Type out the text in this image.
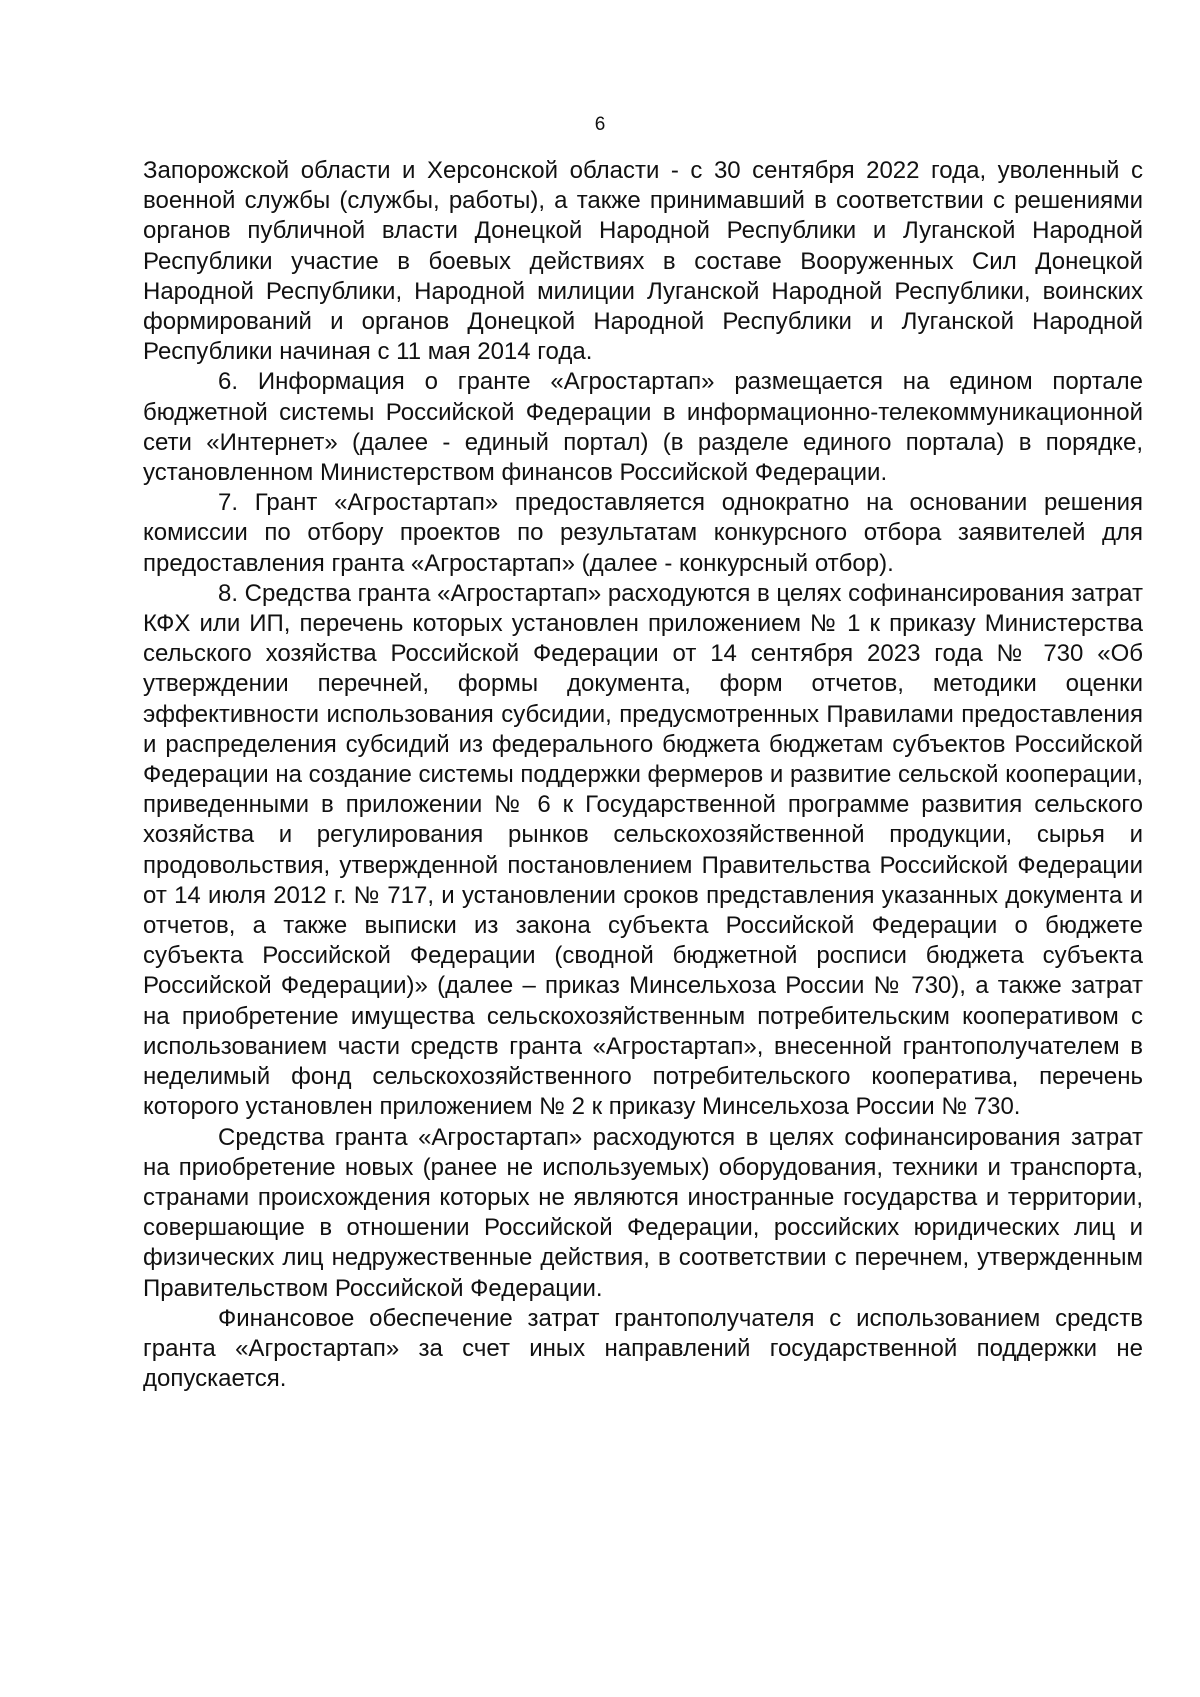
6

Запорожской области и Херсонской области - с 30 сентября 2022 года, уволенный с военной службы (службы, работы), а также принимавший в соответствии с решениями органов публичной власти Донецкой Народной Республики и Луганской Народной Республики участие в боевых действиях в составе Вооруженных Сил Донецкой Народной Республики, Народной милиции Луганской Народной Республики, воинских формирований и органов Донецкой Народной Республики и Луганской Народной Республики начиная с 11 мая 2014 года.

6. Информация о гранте «Агростартап» размещается на едином портале бюджетной системы Российской Федерации в информационно-телекоммуникационной сети «Интернет» (далее - единый портал) (в разделе единого портала) в порядке, установленном Министерством финансов Российской Федерации.

7. Грант «Агростартап» предоставляется однократно на основании решения комиссии по отбору проектов по результатам конкурсного отбора заявителей для предоставления гранта «Агростартап» (далее - конкурсный отбор).

8. Средства гранта «Агростартап» расходуются в целях софинансирования затрат КФХ или ИП, перечень которых установлен приложением № 1 к приказу Министерства сельского хозяйства Российской Федерации от 14 сентября 2023 года № 730 «Об утверждении перечней, формы документа, форм отчетов, методики оценки эффективности использования субсидии, предусмотренных Правилами предоставления и распределения субсидий из федерального бюджета бюджетам субъектов Российской Федерации на создание системы поддержки фермеров и развитие сельской кооперации, приведенными в приложении № 6 к Государственной программе развития сельского хозяйства и регулирования рынков сельскохозяйственной продукции, сырья и продовольствия, утвержденной постановлением Правительства Российской Федерации от 14 июля 2012 г. № 717, и установлении сроков представления указанных документа и отчетов, а также выписки из закона субъекта Российской Федерации о бюджете субъекта Российской Федерации (сводной бюджетной росписи бюджета субъекта Российской Федерации)» (далее – приказ Минсельхоза России № 730), а также затрат на приобретение имущества сельскохозяйственным потребительским кооперативом с использованием части средств гранта «Агростартап», внесенной грантополучателем в неделимый фонд сельскохозяйственного потребительского кооператива, перечень которого установлен приложением № 2 к приказу Минсельхоза России № 730.

Средства гранта «Агростартап» расходуются в целях софинансирования затрат на приобретение новых (ранее не используемых) оборудования, техники и транспорта, странами происхождения которых не являются иностранные государства и территории, совершающие в отношении Российской Федерации, российских юридических лиц и физических лиц недружественные действия, в соответствии с перечнем, утвержденным Правительством Российской Федерации.

Финансовое обеспечение затрат грантополучателя с использованием средств гранта «Агростартап» за счет иных направлений государственной поддержки не допускается.
